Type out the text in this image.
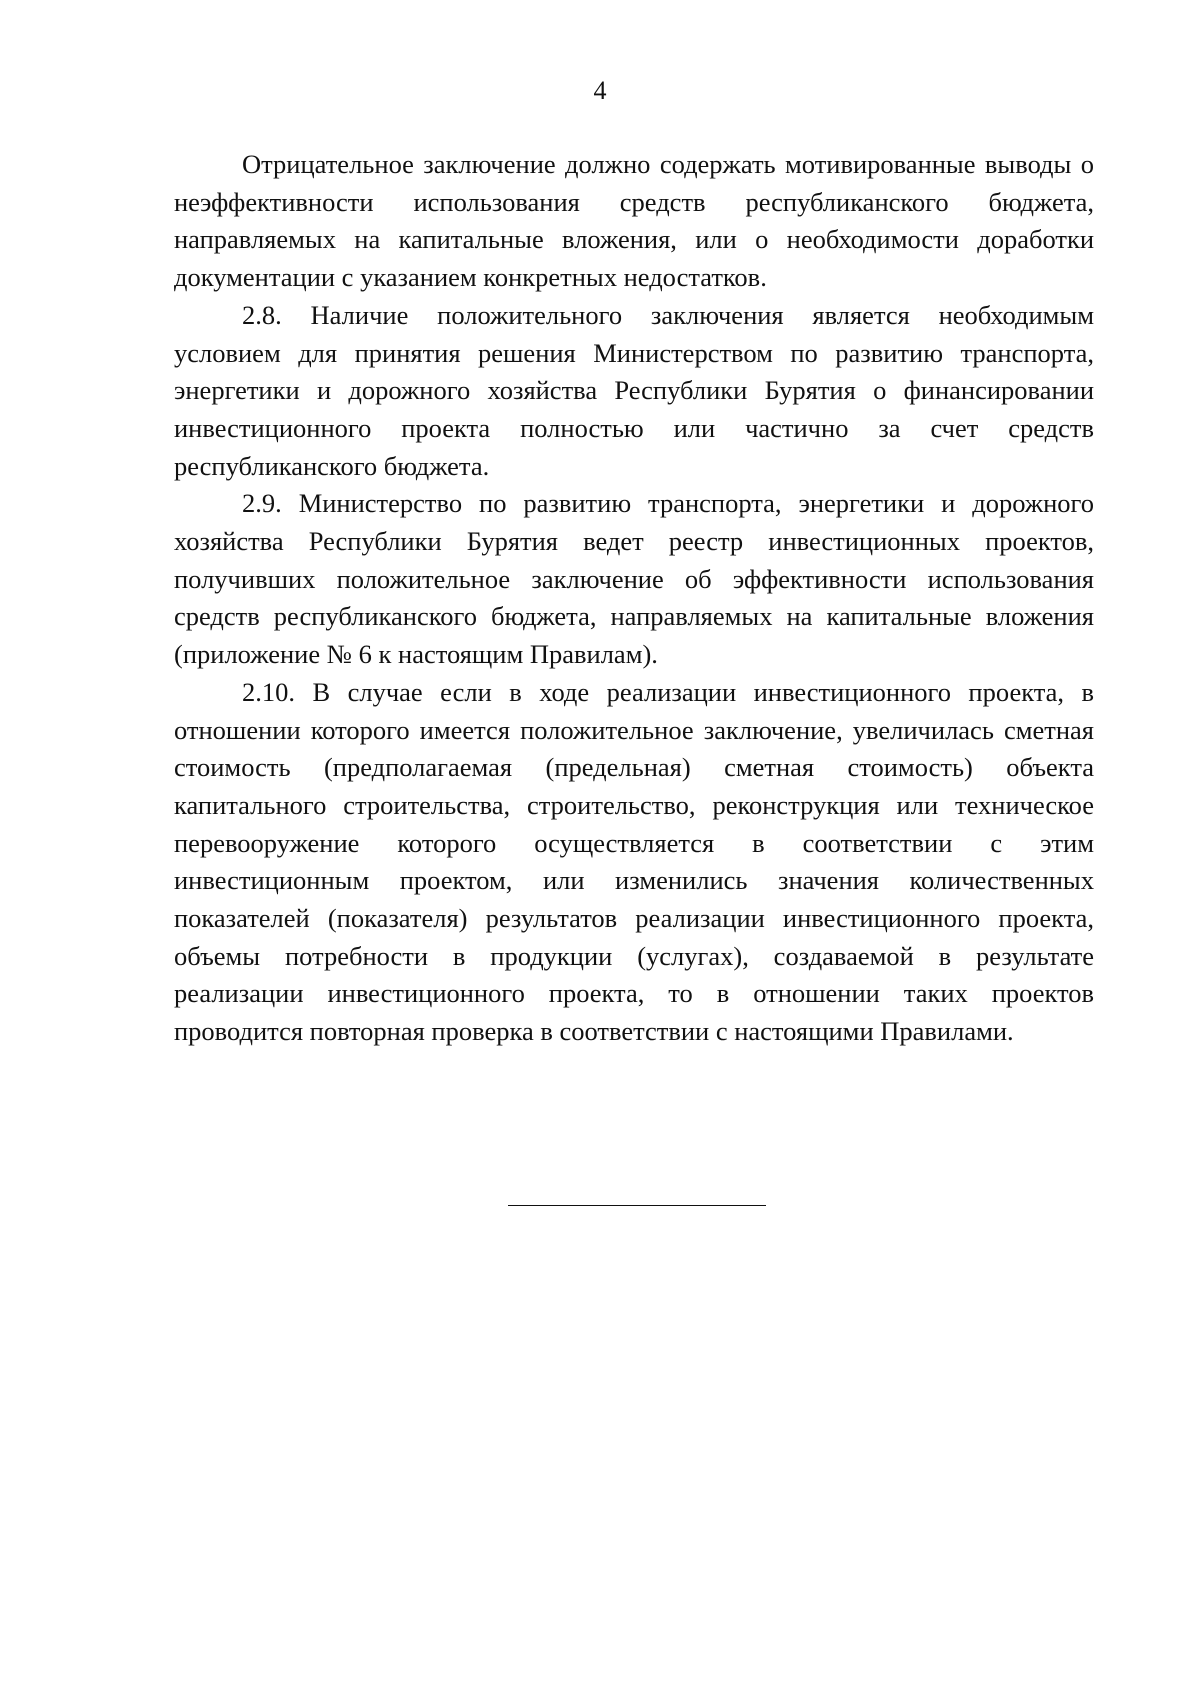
4

Отрицательное заключение должно содержать мотивированные выводы о неэффективности использования средств республиканского бюджета, направляемых на капитальные вложения, или о необходимости доработки документации с указанием конкретных недостатков.

2.8. Наличие положительного заключения является необходимым условием для принятия решения Министерством по развитию транспорта, энергетики и дорожного хозяйства Республики Бурятия о финансировании инвестиционного проекта полностью или частично за счет средств республиканского бюджета.

2.9. Министерство по развитию транспорта, энергетики и дорожного хозяйства Республики Бурятия ведет реестр инвестиционных проектов, получивших положительное заключение об эффективности использования средств республиканского бюджета, направляемых на капитальные вложения (приложение № 6 к настоящим Правилам).

2.10. В случае если в ходе реализации инвестиционного проекта, в отношении которого имеется положительное заключение, увеличилась сметная стоимость (предполагаемая (предельная) сметная стоимость) объекта капитального строительства, строительство, реконструкция или техническое перевооружение которого осуществляется в соответствии с этим инвестиционным проектом, или изменились значения количественных показателей (показателя) результатов реализации инвестиционного проекта, объемы потребности в продукции (услугах), создаваемой в результате реализации инвестиционного проекта, то в отношении таких проектов проводится повторная проверка в соответствии с настоящими Правилами.
